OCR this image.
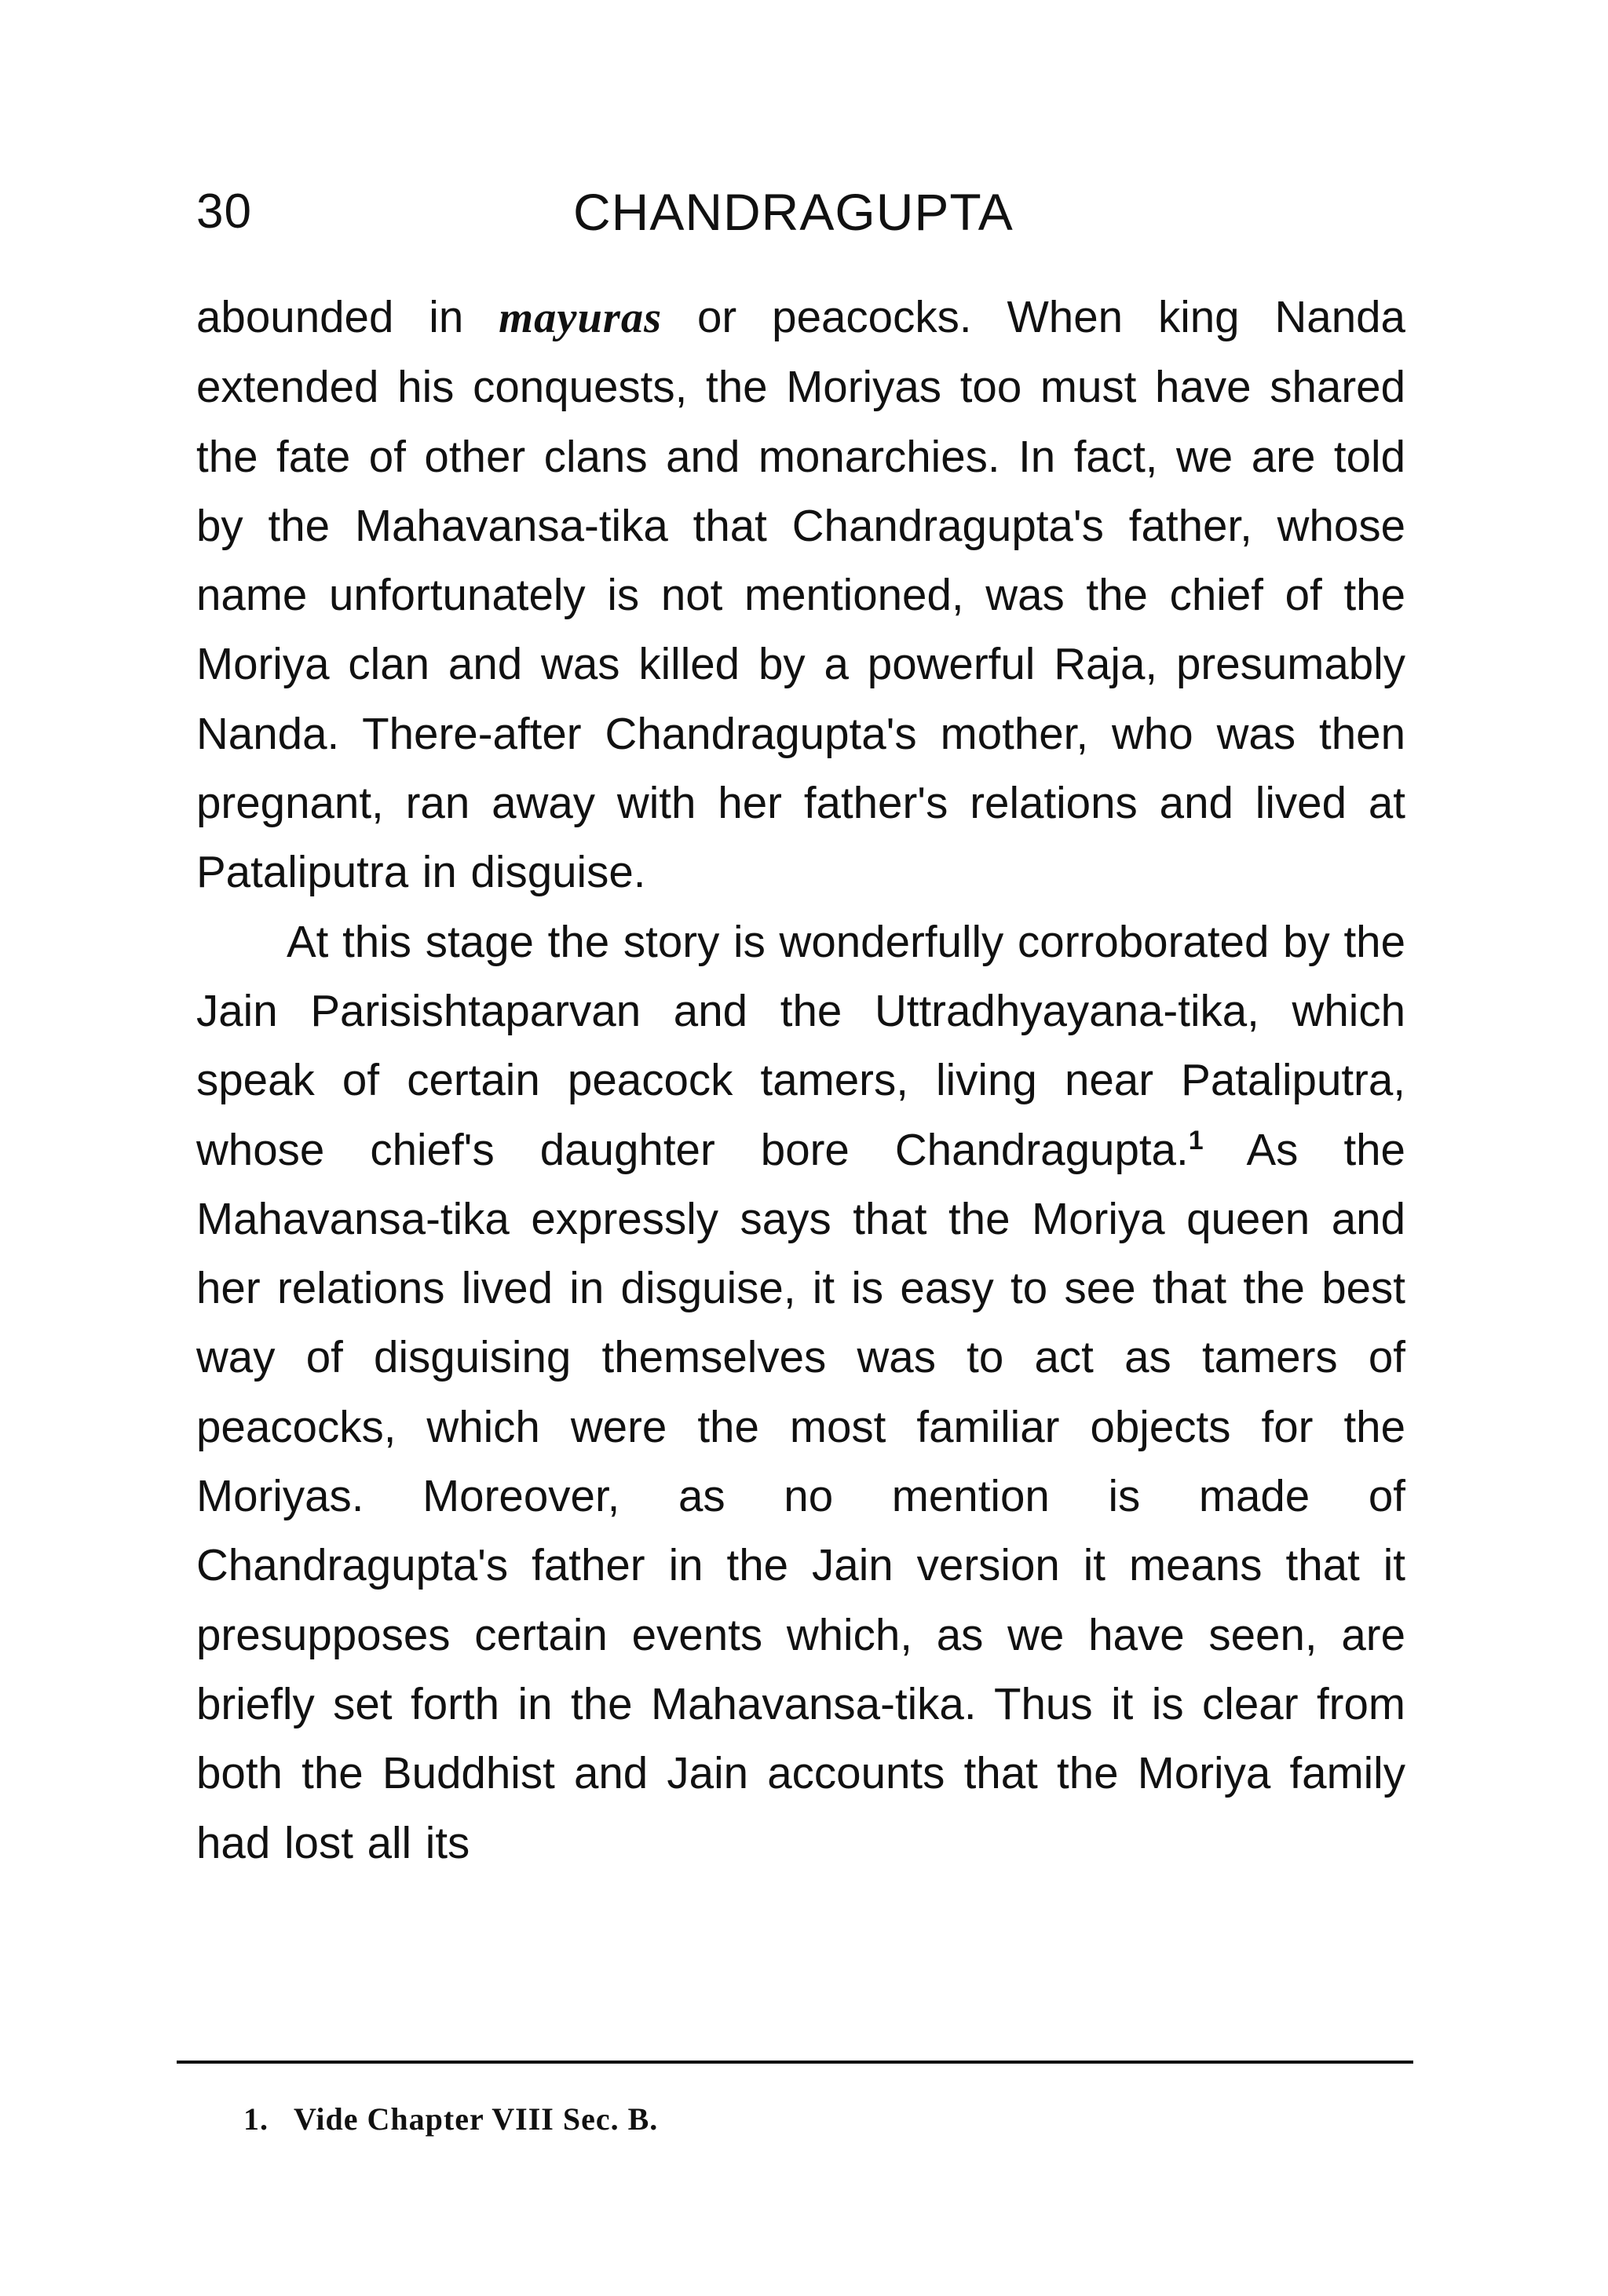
30	CHANDRAGUPTA

abounded in mayuras or peacocks. When king Nanda extended his conquests, the Moriyas too must have shared the fate of other clans and monarchies. In fact, we are told by the Mahavansa-tika that Chandragupta's father, whose name unfortunately is not mentioned, was the chief of the Moriya clan and was killed by a powerful Raja, presumably Nanda. There-after Chandragupta's mother, who was then pregnant, ran away with her father's relations and lived at Pataliputra in disguise.

At this stage the story is wonderfully corroborated by the Jain Parisishtaparvan and the Uttradhyayana-tika, which speak of certain peacock tamers, living near Pataliputra, whose chief's daughter bore Chandragupta.$^1$ As the Mahavansa-tika expressly says that the Moriya queen and her relations lived in disguise, it is easy to see that the best way of disguising themselves was to act as tamers of peacocks, which were the most familiar objects for the Moriyas. Moreover, as no mention is made of Chandragupta's father in the Jain version it means that it presupposes certain events which, as we have seen, are briefly set forth in the Mahavansa-tika. Thus it is clear from both the Buddhist and Jain accounts that the Moriya family had lost all its

1. Vide Chapter VIII Sec. B.
